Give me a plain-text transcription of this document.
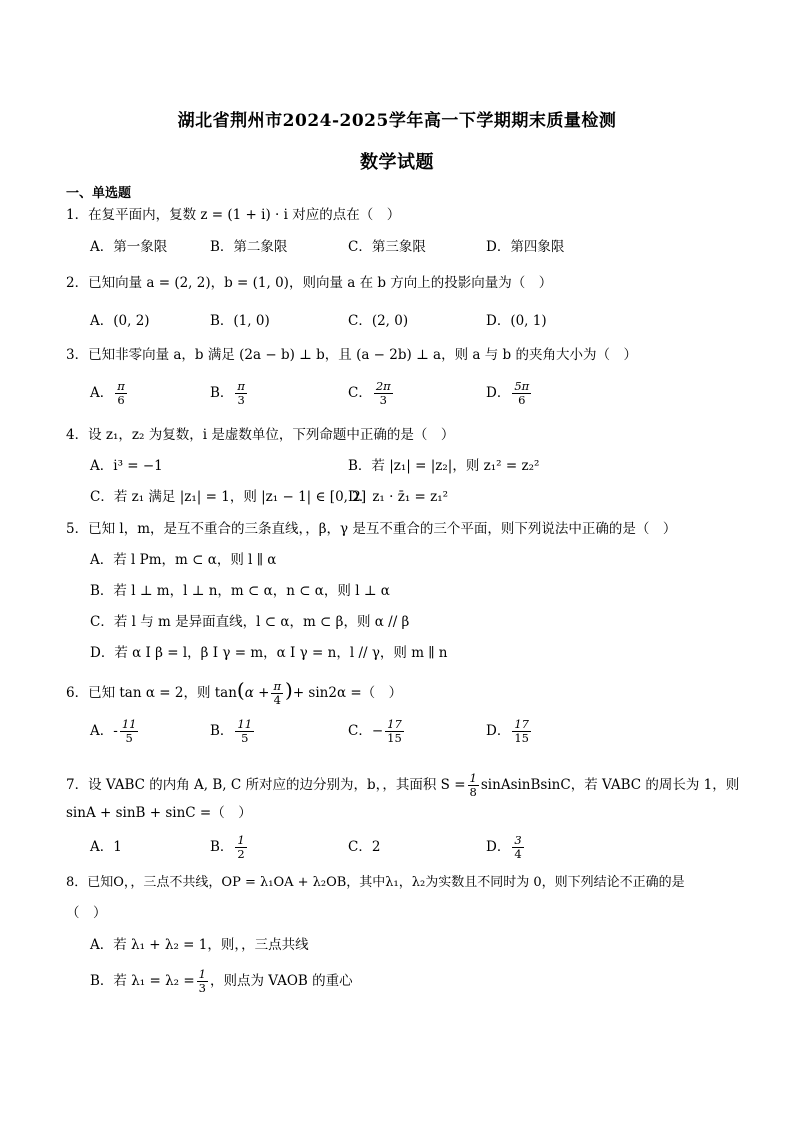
湖北省荆州市2024-2025学年高一下学期期末质量检测
数学试题
一、单选题
1．在复平面内，复数 z = (1 + i) · i 对应的点在（　）
A．第一象限	B．第二象限	C．第三象限	D．第四象限
2．已知向量 a = (2, 2)，b = (1, 0)，则向量 a 在 b 方向上的投影向量为（　）
A．(0, 2)	B．(1, 0)	C．(2, 0)	D．(0, 1)
3．已知非零向量 a，b 满足 (2a − b) ⊥ b，且 (a − 2b) ⊥ a，则 a 与 b 的夹角大小为（　）
A． $\frac{\pi}{6}$	B． $\frac{\pi}{3}$	C． $\frac{2\pi}{3}$	D． $\frac{5\pi}{6}$
4．设 z₁，z₂ 为复数，i 是虚数单位，下列命题中正确的是（　）
A．i³ = −1	B．若 |z₁| = |z₂|，则 z₁² = z₂²
C．若 z₁ 满足 |z₁| = 1，则 |z₁ − 1| ∈ [0, 2]
D．z₁ · z̄₁ = z₁²
5．已知 l，m，是互不重合的三条直线，，β，γ 是互不重合的三个平面，则下列说法中正确的是（　）
A．若 l Pm，m ⊂ α，则 l ∥ α
B．若 l ⊥ m，l ⊥ n，m ⊂ α，n ⊂ α，则 l ⊥ α
C．若 l 与 m 是异面直线，l ⊂ α，m ⊂ β，则 α // β
D．若 α I β = l，β I γ = m，α I γ = n，l // γ，则 m ∥ n
6．已知 tan α = 2，则 $\tan(\alpha + \frac{\pi}{4}$ )+ sin2α =（　）
A．- $\frac{11}{5}$	B． $\frac{11}{5}$	C．− $\frac{17}{15}$	D． $\frac{17}{15}$
7．设 VABC 的内角 A, B, C 所对应的边分别为，b，，其面积 $S = \frac{1}{8}$ sinAsinBsinC，若 VABC 的周长为 1，则
sinA + sinB + sinC =（　）
A．1	B． $\frac{1}{2}$	C．2	D． $\frac{3}{4}$
8．已知O，，三点不共线，OP = λ₁OA + λ₂OB，其中λ₁，λ₂为实数且不同时为 0，则下列结论不正确的是
（　）
A．若 λ₁ + λ₂ = 1，则，，三点共线
B．若 $\lambda_1 = \lambda_2 = \frac{1}{3}$ ，则点为 VAOB 的重心
